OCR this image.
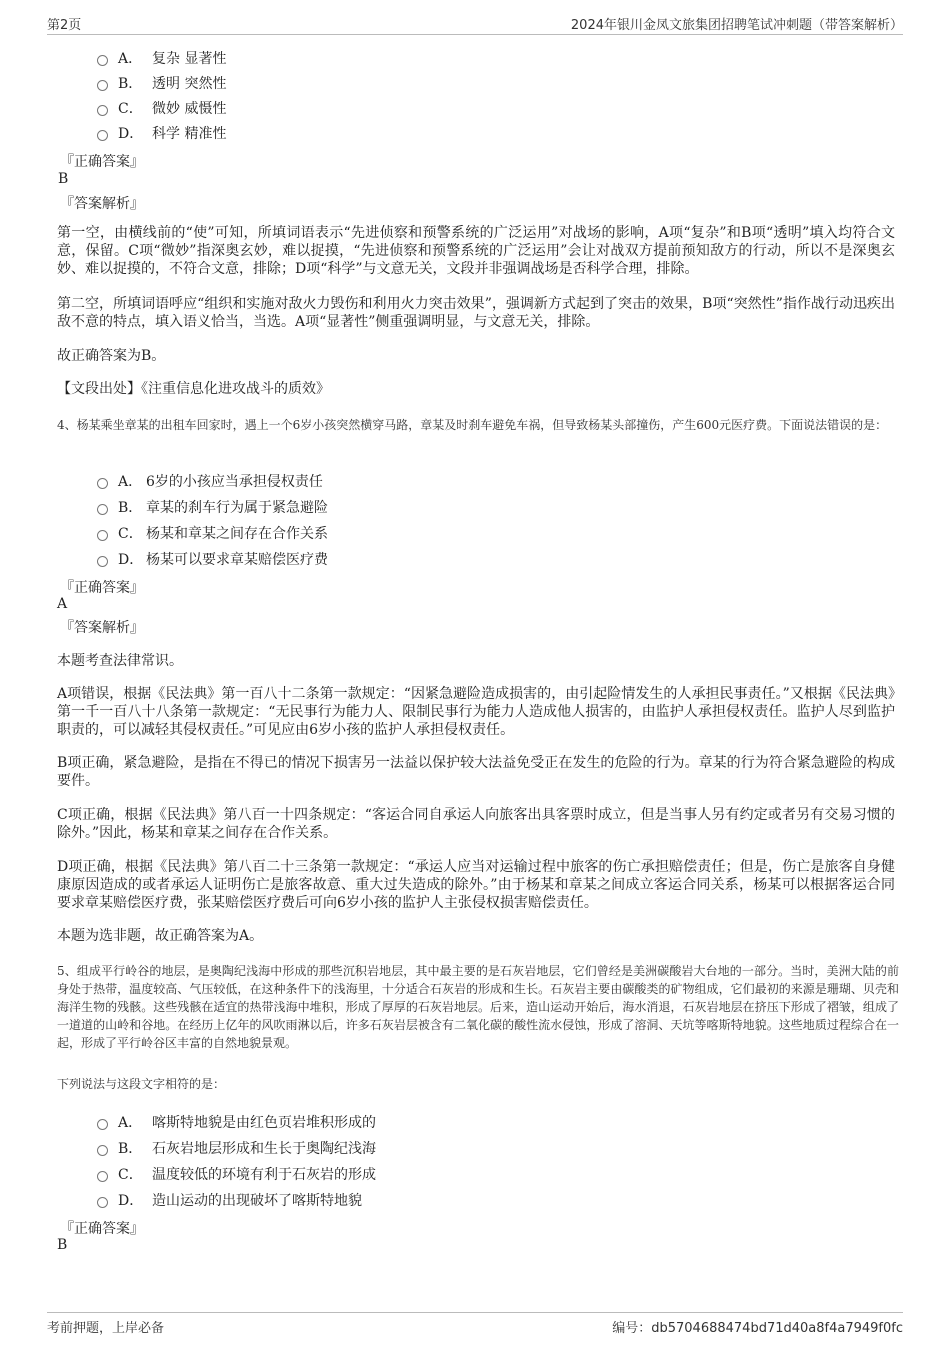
第2页	2024年银川金凤文旅集团招聘笔试冲刺题（带答案解析）
A． 复杂 显著性
B． 透明 突然性
C． 微妙 威慑性
D． 科学 精准性
『正确答案』
B
『答案解析』
第一空，由横线前的“使”可知，所填词语表示“先进侦察和预警系统的广泛运用”对战场的影响，A项“复杂”和B项“透明”填入均符合文意，保留。C项“微妙”指深奥玄妙，难以捉摸，“先进侦察和预警系统的广泛运用”会让对战双方提前预知敌方的行动，所以不是深奥玄妙、难以捉摸的，不符合文意，排除；D项“科学”与文意无关，文段并非强调战场是否科学合理，排除。
第二空，所填词语呼应“组织和实施对敌火力毁伤和利用火力突击效果”，强调新方式起到了突击的效果，B项“突然性”指作战行动迅疾出敌不意的特点，填入语义恰当，当选。A项“显著性”侧重强调明显，与文意无关，排除。
故正确答案为B。
【文段出处】《注重信息化进攻战斗的质效》
4、杨某乘坐章某的出租车回家时，遇上一个6岁小孩突然横穿马路，章某及时刹车避免车祸，但导致杨某头部撞伤，产生600元医疗费。下面说法错误的是：
A． 6岁的小孩应当承担侵权责任
B． 章某的刹车行为属于紧急避险
C． 杨某和章某之间存在合作关系
D． 杨某可以要求章某赔偿医疗费
『正确答案』
A
『答案解析』
本题考查法律常识。
A项错误，根据《民法典》第一百八十二条第一款规定：“因紧急避险造成损害的，由引起险情发生的人承担民事责任。”又根据《民法典》第一千一百八十八条第一款规定：“无民事行为能力人、限制民事行为能力人造成他人损害的，由监护人承担侵权责任。监护人尽到监护职责的，可以减轻其侵权责任。”可见应由6岁小孩的监护人承担侵权责任。
B项正确，紧急避险，是指在不得已的情况下损害另一法益以保护较大法益免受正在发生的危险的行为。章某的行为符合紧急避险的构成要件。
C项正确，根据《民法典》第八百一十四条规定：“客运合同自承运人向旅客出具客票时成立，但是当事人另有约定或者另有交易习惯的除外。”因此，杨某和章某之间存在合作关系。
D项正确，根据《民法典》第八百二十三条第一款规定：“承运人应当对运输过程中旅客的伤亡承担赔偿责任；但是，伤亡是旅客自身健康原因造成的或者承运人证明伤亡是旅客故意、重大过失造成的除外。”由于杨某和章某之间成立客运合同关系，杨某可以根据客运合同要求章某赔偿医疗费，张某赔偿医疗费后可向6岁小孩的监护人主张侵权损害赔偿责任。
本题为选非题，故正确答案为A。
5、组成平行岭谷的地层，是奥陶纪浅海中形成的那些沉积岩地层，其中最主要的是石灰岩地层，它们曾经是美洲碳酸岩大台地的一部分。当时，美洲大陆的前身处于热带，温度较高、气压较低，在这种条件下的浅海里，十分适合石灰岩的形成和生长。石灰岩主要由碳酸类的矿物组成，它们最初的来源是珊瑚、贝壳和海洋生物的残骸。这些残骸在适宜的热带浅海中堆积，形成了厚厚的石灰岩地层。后来，造山运动开始后，海水消退，石灰岩地层在挤压下形成了褶皱，组成了一道道的山岭和谷地。在经历上亿年的风吹雨淋以后，许多石灰岩层被含有二氧化碳的酸性流水侵蚀，形成了溶洞、天坑等喀斯特地貌。这些地质过程综合在一起，形成了平行岭谷区丰富的自然地貌景观。
下列说法与这段文字相符的是：
A． 喀斯特地貌是由红色页岩堆积形成的
B． 石灰岩地层形成和生长于奥陶纪浅海
C． 温度较低的环境有利于石灰岩的形成
D． 造山运动的出现破坏了喀斯特地貌
『正确答案』
B
考前押题，上岸必备	编号：db5704688474bd71d40a8f4a7949f0fc
